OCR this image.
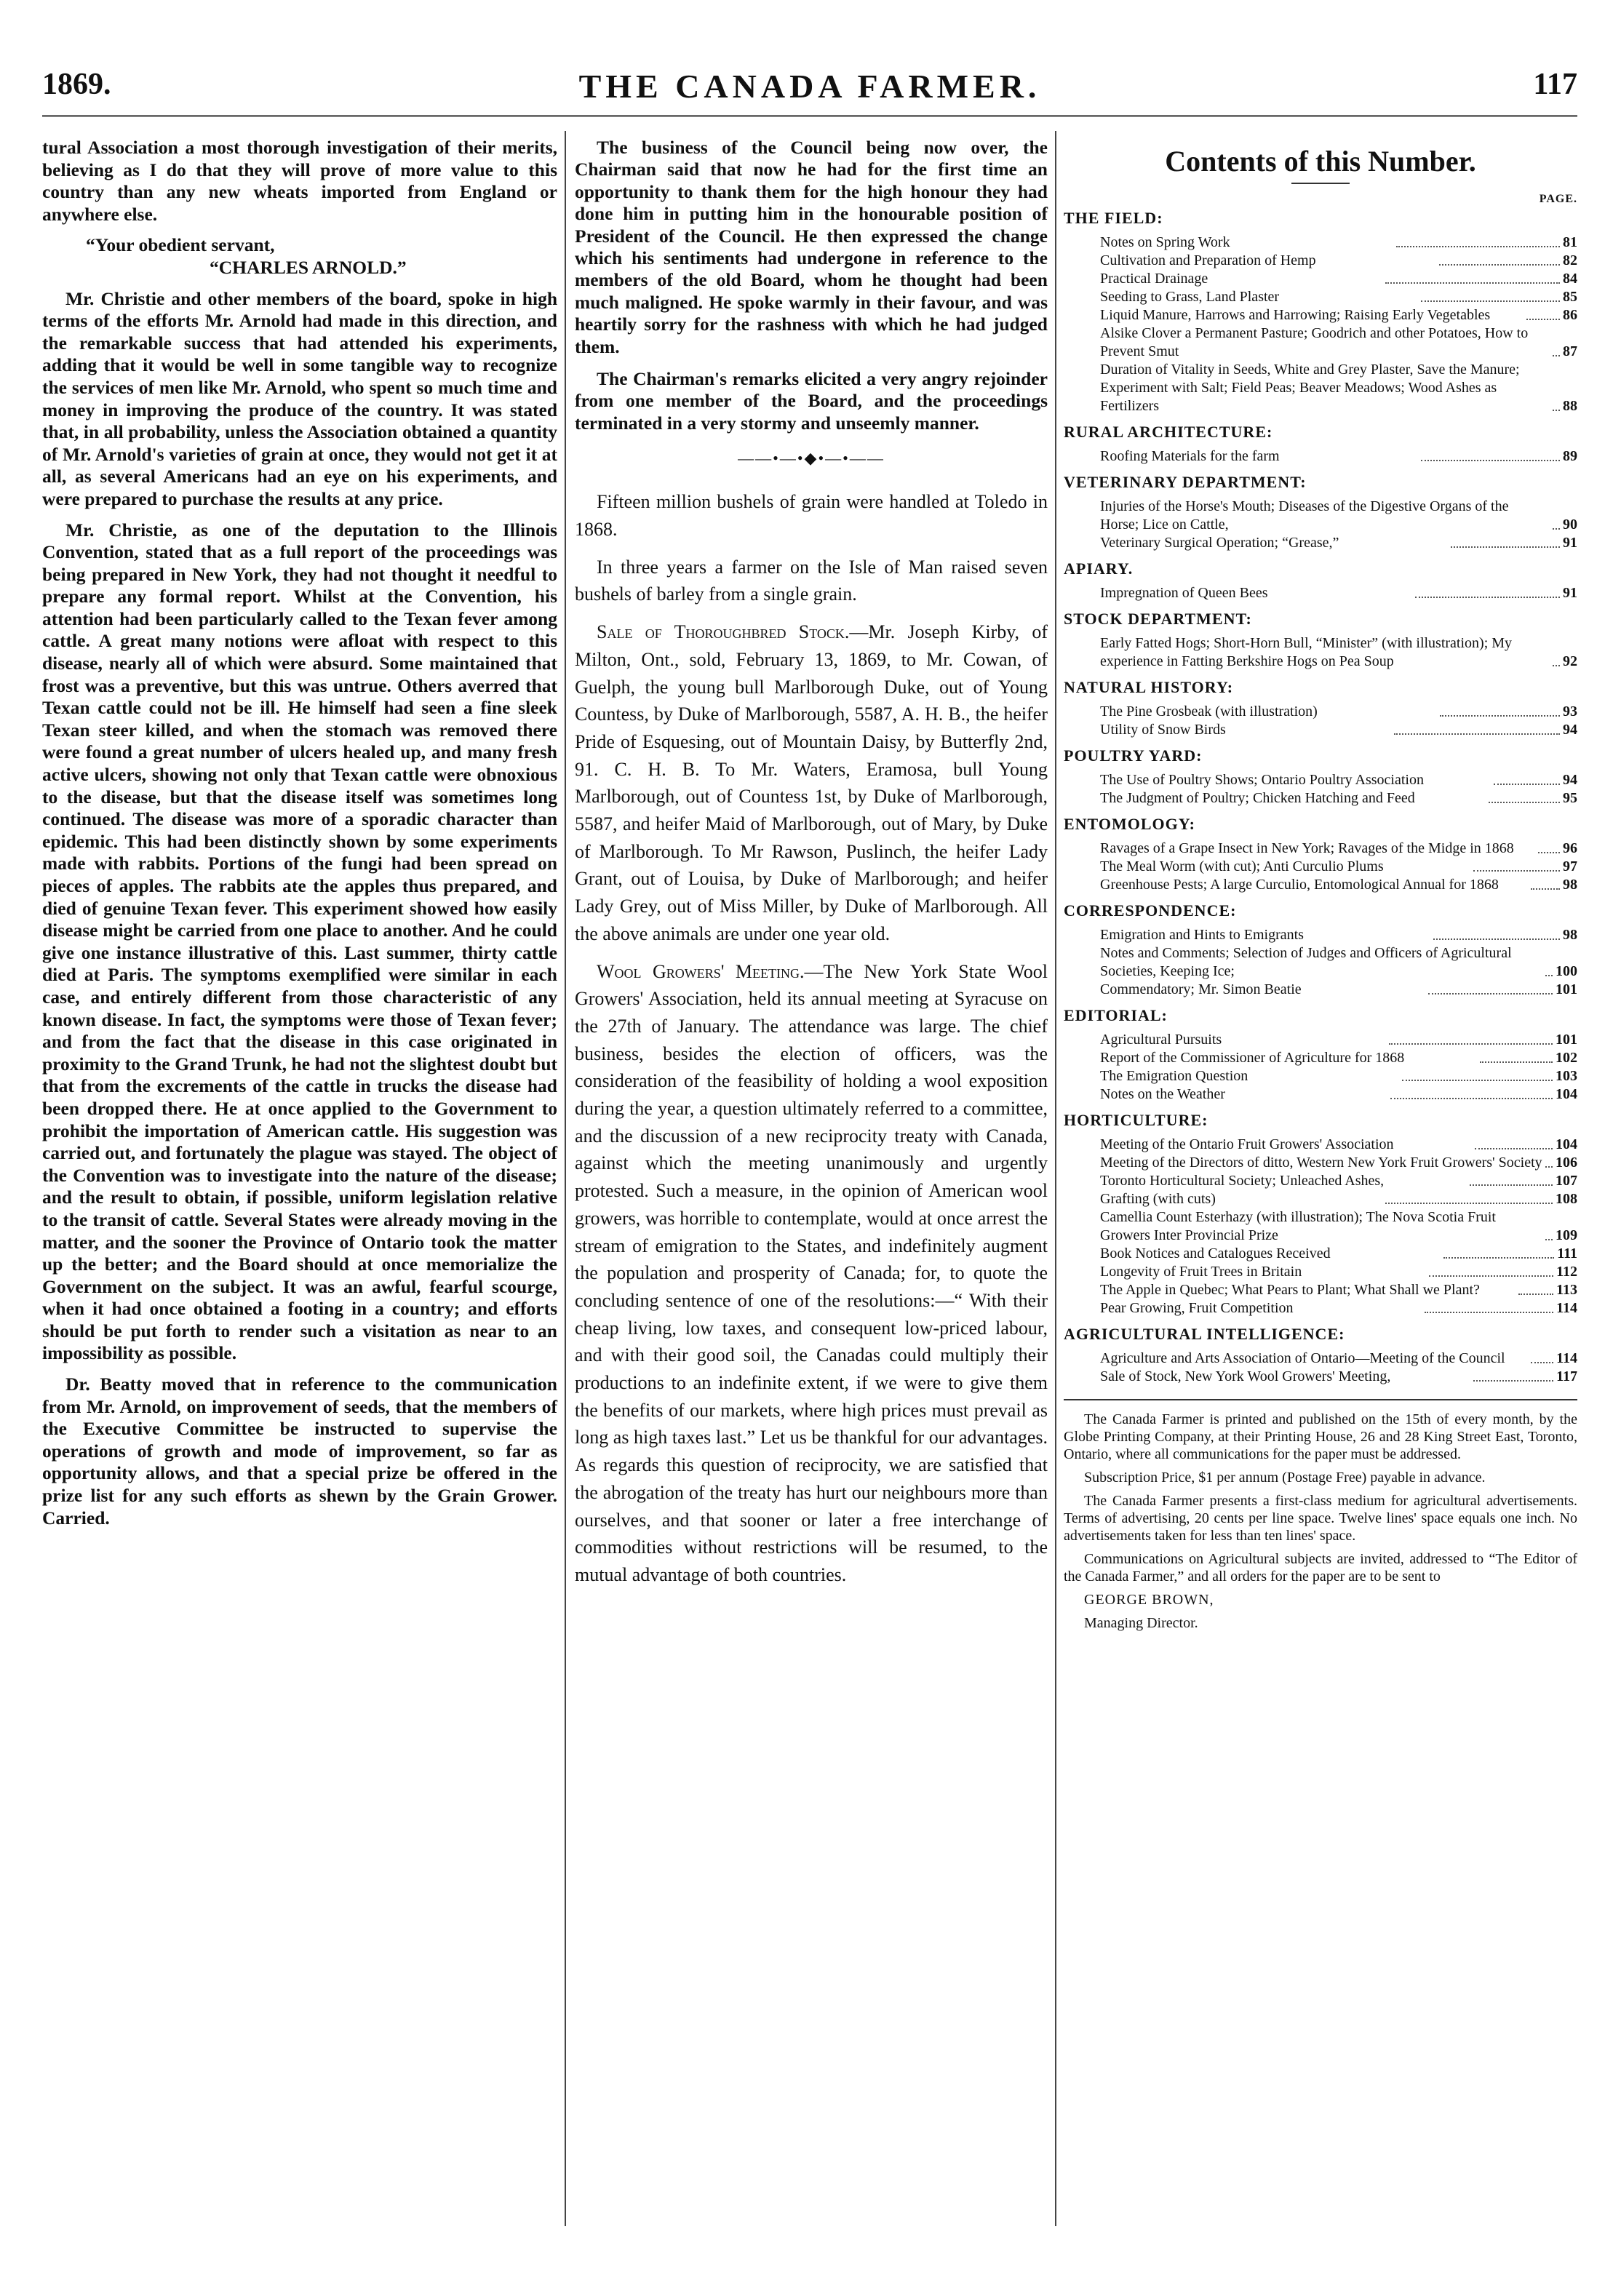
1869.	THE CANADA FARMER.	117

tural Association a most thorough investigation of their merits, believing as I do that they will prove of more value to this country than any new wheats imported from England or anywhere else.

“Your obedient servant,

“CHARLES ARNOLD.”

Mr. Christie and other members of the board, spoke in high terms of the efforts Mr. Arnold had made in this direction, and the remarkable success that had attended his experiments, adding that it would be well in some tangible way to recognize the services of men like Mr. Arnold, who spent so much time and money in improving the produce of the country. It was stated that, in all probability, unless the Association obtained a quantity of Mr. Arnold's varieties of grain at once, they would not get it at all, as several Americans had an eye on his experiments, and were prepared to purchase the results at any price.

Mr. Christie, as one of the deputation to the Illinois Convention, stated that as a full report of the proceedings was being prepared in New York, they had not thought it needful to prepare any formal report. Whilst at the Convention, his attention had been particularly called to the Texan fever among cattle. A great many notions were afloat with respect to this disease, nearly all of which were absurd. Some maintained that frost was a preventive, but this was untrue. Others averred that Texan cattle could not be ill. He himself had seen a fine sleek Texan steer killed, and when the stomach was removed there were found a great number of ulcers healed up, and many fresh active ulcers, showing not only that Texan cattle were obnoxious to the disease, but that the disease itself was sometimes long continued. The disease was more of a sporadic character than epidemic. This had been distinctly shown by some experiments made with rabbits. Portions of the fungi had been spread on pieces of apples. The rabbits ate the apples thus prepared, and died of genuine Texan fever. This experiment showed how easily disease might be carried from one place to another. And he could give one instance illustrative of this. Last summer, thirty cattle died at Paris. The symptoms exemplified were similar in each case, and entirely different from those characteristic of any known disease. In fact, the symptoms were those of Texan fever; and from the fact that the disease in this case originated in proximity to the Grand Trunk, he had not the slightest doubt but that from the excrements of the cattle in trucks the disease had been dropped there. He at once applied to the Government to prohibit the importation of American cattle. His suggestion was carried out, and fortunately the plague was stayed. The object of the Convention was to investigate into the nature of the disease; and the result to obtain, if possible, uniform legislation relative to the transit of cattle. Several States were already moving in the matter, and the sooner the Province of Ontario took the matter up the better; and the Board should at once memorialize the Government on the subject. It was an awful, fearful scourge, when it had once obtained a footing in a country; and efforts should be put forth to render such a visitation as near to an impossibility as possible.

Dr. Beatty moved that in reference to the communication from Mr. Arnold, on improvement of seeds, that the members of the Executive Committee be instructed to supervise the operations of growth and mode of improvement, so far as opportunity allows, and that a special prize be offered in the prize list for any such efforts as shewn by the Grain Grower. Carried.

The business of the Council being now over, the Chairman said that now he had for the first time an opportunity to thank them for the high honour they had done him in putting him in the honourable position of President of the Council. He then expressed the change which his sentiments had undergone in reference to the members of the old Board, whom he thought had been much maligned. He spoke warmly in their favour, and was heartily sorry for the rashness with which he had judged them.

The Chairman's remarks elicited a very angry rejoinder from one member of the Board, and the proceedings terminated in a very stormy and unseemly manner.

——•—•◆•—•——

Fifteen million bushels of grain were handled at Toledo in 1868.

In three years a farmer on the Isle of Man raised seven bushels of barley from a single grain.

Sale of Thoroughbred Stock.—Mr. Joseph Kirby, of Milton, Ont., sold, February 13, 1869, to Mr. Cowan, of Guelph, the young bull Marlborough Duke, out of Young Countess, by Duke of Marlborough, 5587, A. H. B., the heifer Pride of Esquesing, out of Mountain Daisy, by Butterfly 2nd, 91. C. H. B. To Mr. Waters, Eramosa, bull Young Marlborough, out of Countess 1st, by Duke of Marlborough, 5587, and heifer Maid of Marlborough, out of Mary, by Duke of Marlborough. To Mr Rawson, Puslinch, the heifer Lady Grant, out of Louisa, by Duke of Marlborough; and heifer Lady Grey, out of Miss Miller, by Duke of Marlborough. All the above animals are under one year old.

Wool Growers' Meeting.—The New York State Wool Growers' Association, held its annual meeting at Syracuse on the 27th of January. The attendance was large. The chief business, besides the election of officers, was the consideration of the feasibility of holding a wool exposition during the year, a question ultimately referred to a committee, and the discussion of a new reciprocity treaty with Canada, against which the meeting unanimously and urgently protested. Such a measure, in the opinion of American wool growers, was horrible to contemplate, would at once arrest the stream of emigration to the States, and indefinitely augment the population and prosperity of Canada; for, to quote the concluding sentence of one of the resolutions:—“ With their cheap living, low taxes, and consequent low-priced labour, and with their good soil, the Canadas could multiply their productions to an indefinite extent, if we were to give them the benefits of our markets, where high prices must prevail as long as high taxes last.” Let us be thankful for our advantages. As regards this question of reciprocity, we are satisfied that the abrogation of the treaty has hurt our neighbours more than ourselves, and that sooner or later a free interchange of commodities without restrictions will be resumed, to the mutual advantage of both countries.

Contents of this Number.
PAGE.
THE FIELD:
Notes on Spring Work	81
Cultivation and Preparation of Hemp	82
Practical Drainage	84
Seeding to Grass, Land Plaster	85
Liquid Manure, Harrows and Harrowing; Raising Early Vegetables	86
Alsike Clover a Permanent Pasture; Goodrich and other Potatoes, How to Prevent Smut	87
Duration of Vitality in Seeds, White and Grey Plaster, Save the Manure; Experiment with Salt; Field Peas; Beaver Meadows; Wood Ashes as Fertilizers	88
RURAL ARCHITECTURE:
Roofing Materials for the farm	89
VETERINARY DEPARTMENT:
Injuries of the Horse's Mouth; Diseases of the Digestive Organs of the Horse; Lice on Cattle,	90
Veterinary Surgical Operation; “Grease,”	91
APIARY.
Impregnation of Queen Bees	91
STOCK DEPARTMENT:
Early Fatted Hogs; Short-Horn Bull, “Minister” (with illustration); My experience in Fatting Berkshire Hogs on Pea Soup	92
NATURAL HISTORY:
The Pine Grosbeak (with illustration)	93
Utility of Snow Birds	94
POULTRY YARD:
The Use of Poultry Shows; Ontario Poultry Association	94
The Judgment of Poultry; Chicken Hatching and Feed	95
ENTOMOLOGY:
Ravages of a Grape Insect in New York; Ravages of the Midge in 1868	96
The Meal Worm (with cut); Anti Curculio Plums	97
Greenhouse Pests; A large Curculio, Entomological Annual for 1868	98
CORRESPONDENCE:
Emigration and Hints to Emigrants	98
Notes and Comments; Selection of Judges and Officers of Agricultural Societies, Keeping Ice;	100
Commendatory; Mr. Simon Beatie	101
EDITORIAL:
Agricultural Pursuits	101
Report of the Commissioner of Agriculture for 1868	102
The Emigration Question	103
Notes on the Weather	104
HORTICULTURE:
Meeting of the Ontario Fruit Growers' Association	104
Meeting of the Directors of ditto, Western New York Fruit Growers' Society 106
Toronto Horticultural Society; Unleached Ashes,	107
Grafting (with cuts)	108
Camellia Count Esterhazy (with illustration); The Nova Scotia Fruit Growers Inter Provincial Prize	109
Book Notices and Catalogues Received	111
Longevity of Fruit Trees in Britain	112
The Apple in Quebec; What Pears to Plant; What Shall we Plant?	113
Pear Growing, Fruit Competition	114
AGRICULTURAL INTELLIGENCE:
Agriculture and Arts Association of Ontario—Meeting of the Council	114
Sale of Stock, New York Wool Growers' Meeting,	117

The Canada Farmer is printed and published on the 15th of every month, by the Globe Printing Company, at their Printing House, 26 and 28 King Street East, Toronto, Ontario, where all communications for the paper must be addressed.

Subscription Price, $1 per annum (Postage Free) payable in advance.

The Canada Farmer presents a first-class medium for agricultural advertisements. Terms of advertising, 20 cents per line space. Twelve lines' space equals one inch. No advertisements taken for less than ten lines' space.

Communications on Agricultural subjects are invited, addressed to “The Editor of the Canada Farmer,” and all orders for the paper are to be sent to

GEORGE BROWN,

Managing Director.
